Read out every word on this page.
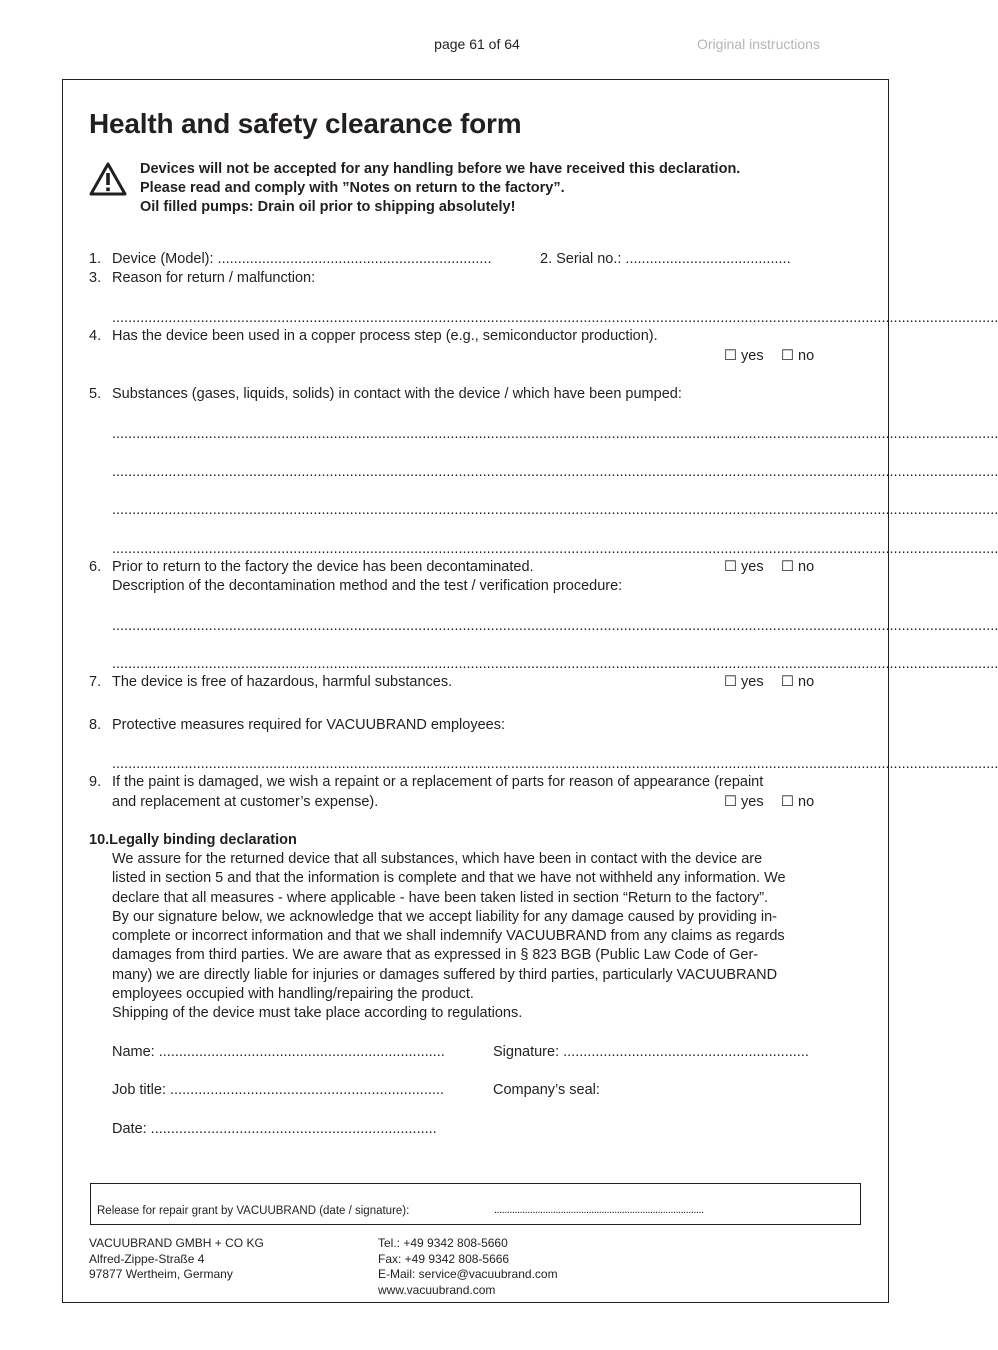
page 61 of 64	Original instructions
Health and safety clearance form
Devices will not be accepted for any handling before we have received this declaration.
Please read and comply with ”Notes on return to the factory”.
Oil filled pumps: Drain oil prior to shipping absolutely!
1. Device (Model): ....................................................................	2. Serial no.: .........................................
3. Reason for return / malfunction:
............................................................................................................................................................................................................................
4. Has the device been used in a copper process step (e.g., semiconductor production).
☐ yes ☐ no
5. Substances (gases, liquids, solids) in contact with the device / which have been pumped:
............................................................................................................................................................................................................................
............................................................................................................................................................................................................................
............................................................................................................................................................................................................................
............................................................................................................................................................................................................................
6. Prior to return to the factory the device has been decontaminated.	☐ yes ☐ no
Description of the decontamination method and the test / verification procedure:
............................................................................................................................................................................................................................
............................................................................................................................................................................................................................
7. The device is free of hazardous, harmful substances.	☐ yes ☐ no
8. Protective measures required for VACUUBRAND employees:
............................................................................................................................................................................................................................
9. If the paint is damaged, we wish a repaint or a replacement of parts for reason of appearance (repaint
and replacement at customer’s expense).	☐ yes ☐ no
10.Legally binding declaration
We assure for the returned device that all substances, which have been in contact with the device are
listed in section 5 and that the information is complete and that we have not withheld any information. We
declare that all measures - where applicable - have been taken listed in section “Return to the factory”.
By our signature below, we acknowledge that we accept liability for any damage caused by providing in-
complete or incorrect information and that we shall indemnify VACUUBRAND from any claims as regards
damages from third parties. We are aware that as expressed in § 823 BGB (Public Law Code of Ger-
many) we are directly liable for injuries or damages suffered by third parties, particularly VACUUBRAND
employees occupied with handling/repairing the product.
Shipping of the device must take place according to regulations.
Name: .......................................................................	Signature: .............................................................
Job title: ....................................................................	Company’s seal:
Date: .......................................................................
Release for repair grant by VACUUBRAND (date / signature):	..................................................................................
VACUUBRAND GMBH + CO KG
Alfred-Zippe-Straße 4
97877 Wertheim, Germany
Tel.: +49 9342 808-5660
Fax: +49 9342 808-5666
E-Mail: service@vacuubrand.com
www.vacuubrand.com
